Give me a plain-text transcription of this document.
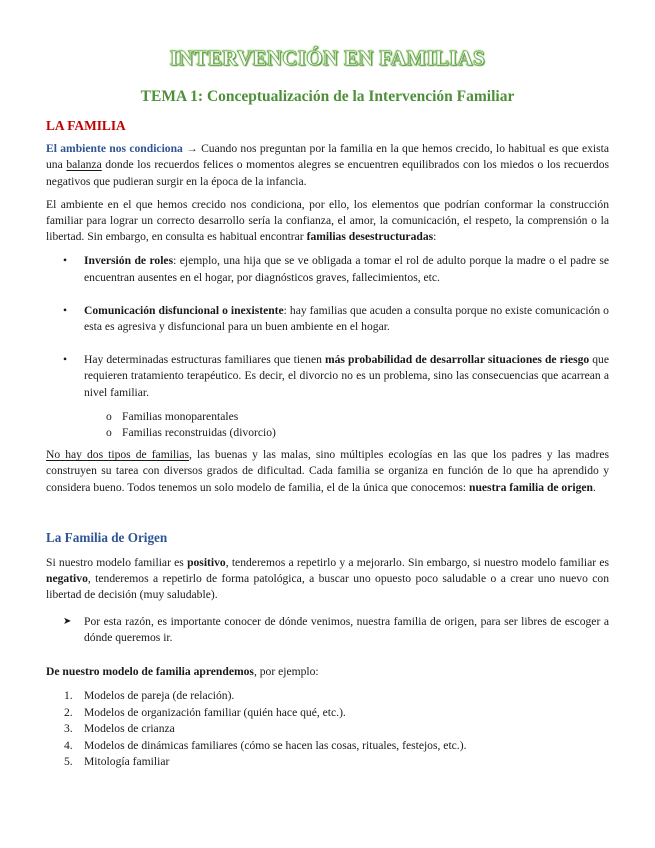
INTERVENCIÓN EN FAMILIAS
TEMA 1: Conceptualización de la Intervención Familiar
LA FAMILIA

El ambiente nos condiciona → Cuando nos preguntan por la familia en la que hemos crecido, lo habitual es que exista una balanza donde los recuerdos felices o momentos alegres se encuentren equilibrados con los miedos o los recuerdos negativos que pudieran surgir en la época de la infancia.

El ambiente en el que hemos crecido nos condiciona, por ello, los elementos que podrían conformar la construcción familiar para lograr un correcto desarrollo sería la confianza, el amor, la comunicación, el respeto, la comprensión o la libertad. Sin embargo, en consulta es habitual encontrar familias desestructuradas:

• Inversión de roles: ejemplo, una hija que se ve obligada a tomar el rol de adulto porque la madre o el padre se encuentran ausentes en el hogar, por diagnósticos graves, fallecimientos, etc.
• Comunicación disfuncional o inexistente: hay familias que acuden a consulta porque no existe comunicación o esta es agresiva y disfuncional para un buen ambiente en el hogar.
• Hay determinadas estructuras familiares que tienen más probabilidad de desarrollar situaciones de riesgo que requieren tratamiento terapéutico. Es decir, el divorcio no es un problema, sino las consecuencias que acarrean a nivel familiar.
o Familias monoparentales
o Familias reconstruidas (divorcio)

No hay dos tipos de familias, las buenas y las malas, sino múltiples ecologías en las que los padres y las madres construyen su tarea con diversos grados de dificultad. Cada familia se organiza en función de lo que ha aprendido y considera bueno. Todos tenemos un solo modelo de familia, el de la única que conocemos: nuestra familia de origen.

La Familia de Origen

Si nuestro modelo familiar es positivo, tenderemos a repetirlo y a mejorarlo. Sin embargo, si nuestro modelo familiar es negativo, tenderemos a repetirlo de forma patológica, a buscar uno opuesto poco saludable o a crear uno nuevo con libertad de decisión (muy saludable).

➤ Por esta razón, es importante conocer de dónde venimos, nuestra familia de origen, para ser libres de escoger a dónde queremos ir.

De nuestro modelo de familia aprendemos, por ejemplo:

1. Modelos de pareja (de relación).
2. Modelos de organización familiar (quién hace qué, etc.).
3. Modelos de crianza
4. Modelos de dinámicas familiares (cómo se hacen las cosas, rituales, festejos, etc.).
5. Mitología familiar
